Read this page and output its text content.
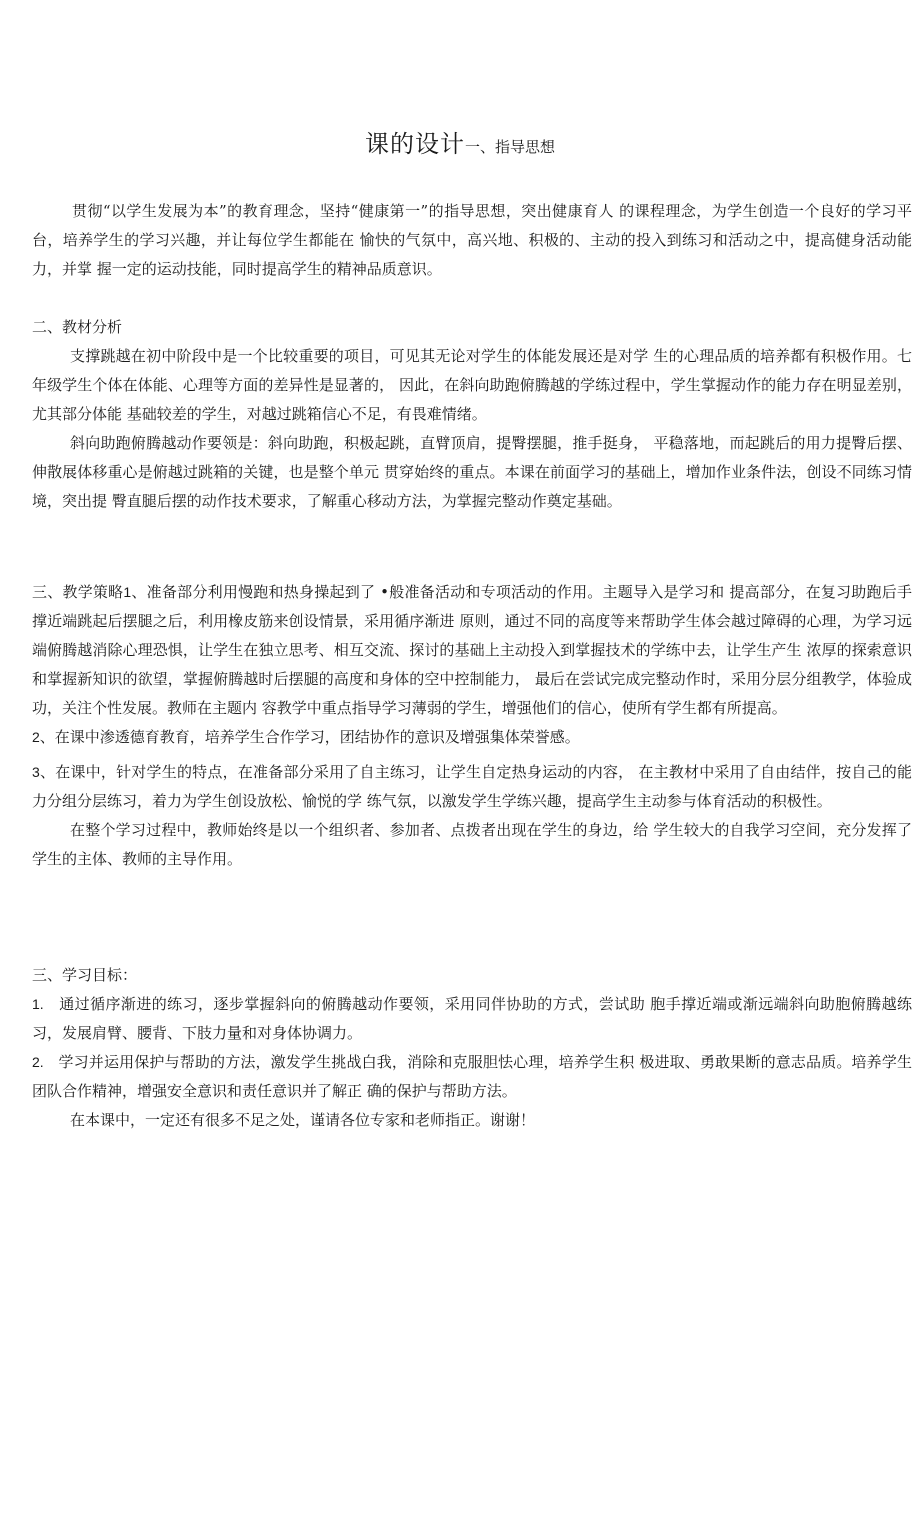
课的设计一、指导思想

贯彻“以学生发展为本”的教育理念，坚持“健康第一”的指导思想，突出健康育人 的课程理念，为学生创造一个良好的学习平台，培养学生的学习兴趣，并让每位学生都能在 愉快的气氛中，高兴地、积极的、主动的投入到练习和活动之中，提高健身活动能力，并掌 握一定的运动技能，同时提高学生的精神品质意识。

二、教材分析

支撑跳越在初中阶段中是一个比较重要的项目，可见其无论对学生的体能发展还是对学 生的心理品质的培养都有积极作用。七年级学生个体在体能、心理等方面的差异性是显著的， 因此，在斜向助跑俯腾越的学练过程中，学生掌握动作的能力存在明显差别，尤其部分体能 基础较差的学生，对越过跳箱信心不足，有畏难情绪。

斜向助跑俯腾越动作要领是：斜向助跑，积极起跳，直臂顶肩，提臀摆腿，推手挺身， 平稳落地，而起跳后的用力提臀后摆、伸散展体移重心是俯越过跳箱的关键，也是整个单元 贯穿始终的重点。本课在前面学习的基础上，增加作业条件法，创设不同练习情境，突出提 臀直腿后摆的动作技术要求，了解重心移动方法，为掌握完整动作奠定基础。

三、教学策略1、准备部分利用慢跑和热身操起到了 •般准备活动和专项活动的作用。主题导入是学习和 提高部分，在复习助跑后手撑近端跳起后摆腿之后，利用橡皮筋来创设情景，采用循序渐进 原则，通过不同的高度等来帮助学生体会越过障碍的心理，为学习远端俯腾越消除心理恐惧，让学生在独立思考、相互交流、探讨的基础上主动投入到掌握技术的学练中去，让学生产生 浓厚的探索意识和掌握新知识的欲望，掌握俯腾越时后摆腿的高度和身体的空中控制能力， 最后在尝试完成完整动作时，采用分层分组教学，体验成功，关注个性发展。教师在主题内 容教学中重点指导学习薄弱的学生，增强他们的信心，使所有学生都有所提高。

2、在课中渗透德育教育，培养学生合作学习，团结协作的意识及增强集体荣誉感。

3、在课中，针对学生的特点，在准备部分采用了自主练习，让学生自定热身运动的内容， 在主教材中采用了自由结伴，按自己的能力分组分层练习，着力为学生创设放松、愉悦的学 练气氛，以激发学生学练兴趣，提高学生主动参与体育活动的积极性。

在整个学习过程中，教师始终是以一个组织者、参加者、点拨者出现在学生的身边，给 学生较大的自我学习空间，充分发挥了学生的主体、教师的主导作用。

三、学习目标：

1. 通过循序渐进的练习，逐步掌握斜向的俯腾越动作要领，采用同伴协助的方式，尝试助 胞手撑近端或渐远端斜向助胞俯腾越练习，发展肩臂、腰背、下肢力量和对身体协调力。

2. 学习并运用保护与帮助的方法，激发学生挑战白我，消除和克服胆怯心理，培养学生积 极进取、勇敢果断的意志品质。培养学生团队合作精神，增强安全意识和责任意识并了解正 确的保护与帮助方法。

在本课中，一定还有很多不足之处，谨请各位专家和老师指正。谢谢！
